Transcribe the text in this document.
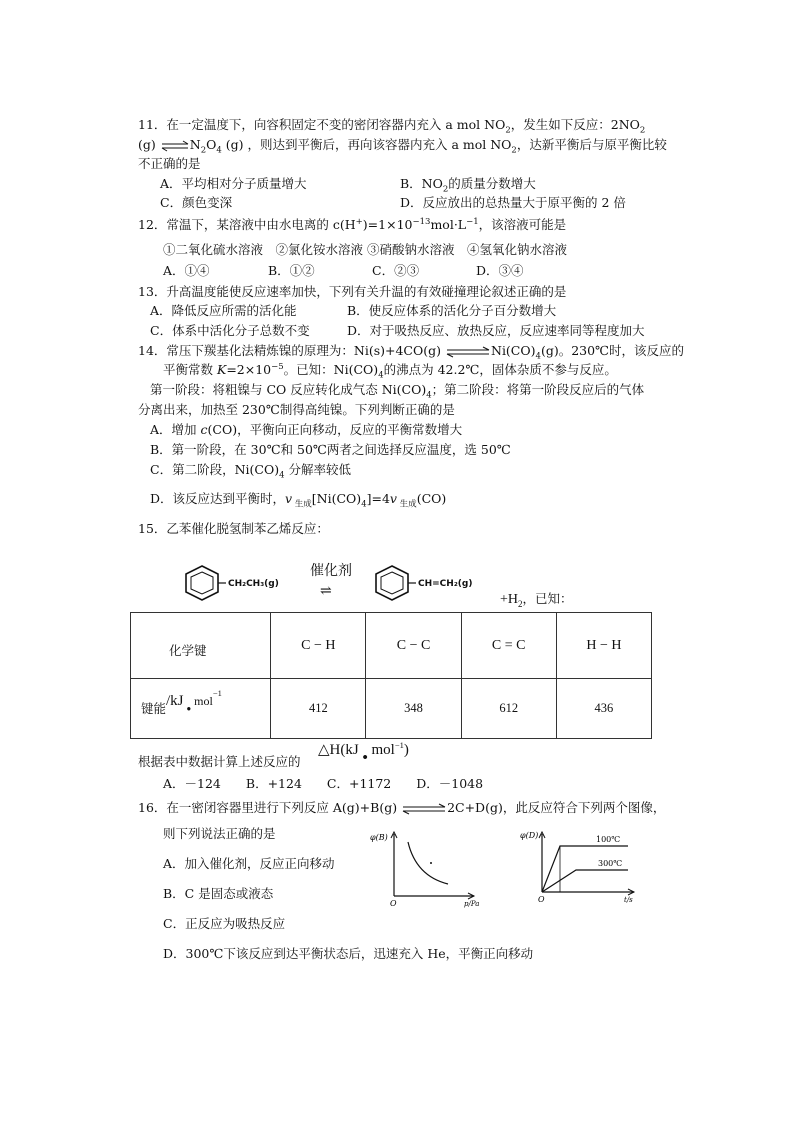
11．在一定温度下，向容积固定不变的密闭容器内充入 a mol $NO_2$，发生如下反应：$2NO_2$
(g) $\rightleftharpoons N_2O_4$ (g) ，则达到平衡后，再向该容器内充入 a mol $NO_2$，达新平衡后与原平衡比较
不正确的是
A．平均相对分子质量增大	B．$NO_2$的质量分数增大
C．颜色变深	D．反应放出的总热量大于原平衡的 2 倍
12．常温下，某溶液中由水电离的 $c(H^+)=1\times 10^{-13}mol\cdot L^{-1}$，该溶液可能是
①二氧化硫水溶液　②氯化铵水溶液 ③硝酸钠水溶液　④氢氧化钠水溶液
A．①④	B．①②	C．②③	D．③④
13．升高温度能使反应速率加快，下列有关升温的有效碰撞理论叙述正确的是
A．降低反应所需的活化能	B．使反应体系的活化分子百分数增大
C．体系中活化分子总数不变	D．对于吸热反应、放热反应，反应速率同等程度加大
14．常压下羰基化法精炼镍的原理为：Ni(s)+4CO(g) $\rightleftharpoons Ni(CO)_4(g)$。230℃时，该反应的
平衡常数 $K=2\times 10^{-5}$。已知：$Ni(CO)_4$的沸点为 42.2℃，固体杂质不参与反应。
第一阶段：将粗镍与 CO 反应转化成气态 $Ni(CO)_4$；第二阶段：将第一阶段反应后的气体
分离出来，加热至 230℃制得高纯镍。下列判断正确的是
A．增加 c(CO)，平衡向正向移动，反应的平衡常数增大
B．第一阶段，在 30℃和 50℃两者之间选择反应温度，选 50℃
C．第二阶段，$Ni(CO)_4$ 分解率较低
D．该反应达到平衡时，v $_{生成}[Ni(CO)_4]=4v$ $_{生成}$(CO)
15．乙苯催化脱氢制苯乙烯反应：
CH₂CH₃(g)
催化剂
⇌	CH=CH₂(g)
$+H_2$，已知：
化学键	C − H	C − C	C = C	H − H
键能/kJ • mol$^{-1}$	412	348	612	436
根据表中数据计算上述反应的
△H(kJ • mol$^{-1}$)
A．－124　　B．+124　　C．+1172　　D．－1048
16．在一密闭容器里进行下列反应 A(g)+B(g) ⇌2C+D(g)，此反应符合下列两个图像，
则下列说法正确的是
A．加入催化剂，反应正向移动
B．C 是固态或液态
C．正反应为吸热反应
D．300℃下该反应到达平衡状态后，迅速充入 He，平衡正向移动
φ(B)
O	p/Pa
φ(D)	100℃
300℃
O	t/s
